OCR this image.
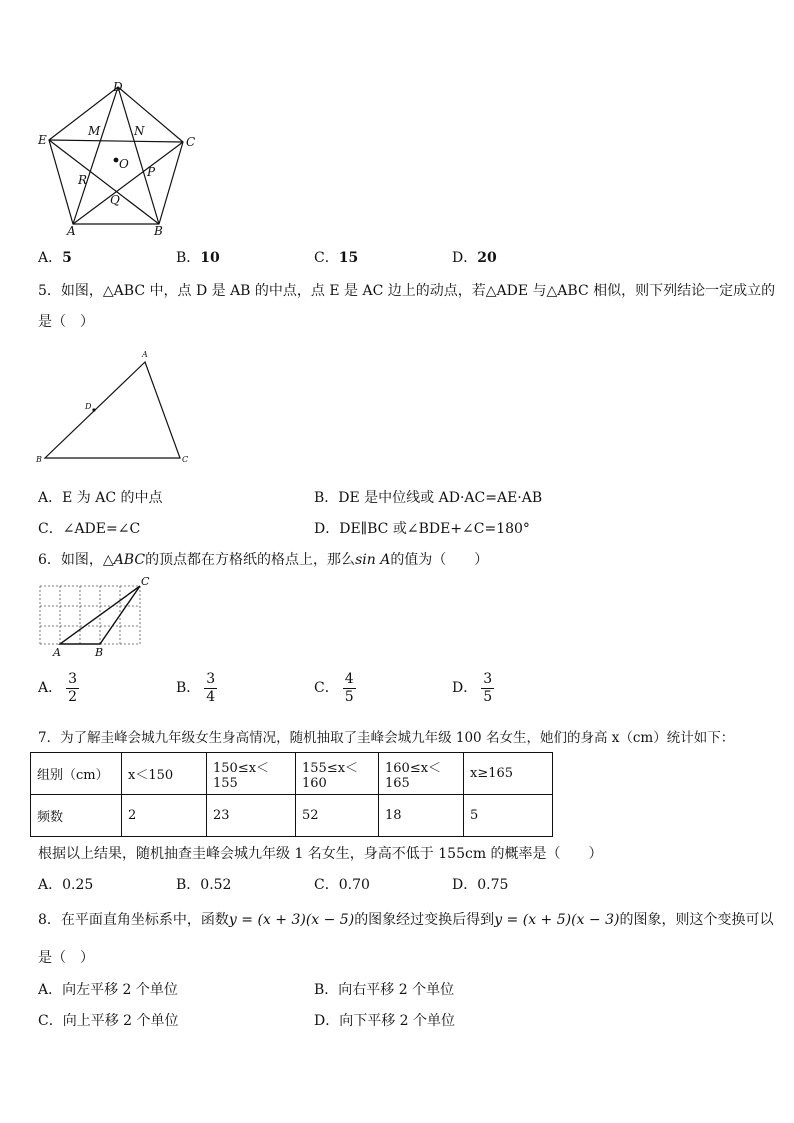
D
E	C
A	B
M	N
O
R
P
Q
A．5	B．10	C．15	D．20
5．如图，△ABC 中，点 D 是 AB 的中点，点 E 是 AC 边上的动点，若△ADE 与△ABC 相似，则下列结论一定成立的
是（　）
A
D
B	C
A．E 为 AC 的中点	B．DE 是中位线或 AD·AC=AE·AB
C．∠ADE=∠C	D．DE∥BC 或∠BDE+∠C=180°
6．如图，△ABC的顶点都在方格纸的格点上，那么sin A的值为（　　）
C
A	B
A． $\frac{3}{2}$	B． $\frac{3}{4}$	C． $\frac{4}{5}$	D． $\frac{3}{5}$
7．为了解圭峰会城九年级女生身高情况，随机抽取了圭峰会城九年级 100 名女生，她们的身高 x（cm）统计如下：
组别（cm）	x＜150	150≤x＜155	155≤x＜160	160≤x＜165	x≥165
频数	2	23	52	18	5
根据以上结果，随机抽查圭峰会城九年级 1 名女生，身高不低于 155cm 的概率是（　　）
A．0.25	B．0.52	C．0.70	D．0.75
8．在平面直角坐标系中，函数y = (x + 3)(x − 5)的图象经过变换后得到y = (x + 5)(x − 3)的图象，则这个变换可以
是（　）
A．向左平移 2 个单位	B．向右平移 2 个单位
C．向上平移 2 个单位	D．向下平移 2 个单位
